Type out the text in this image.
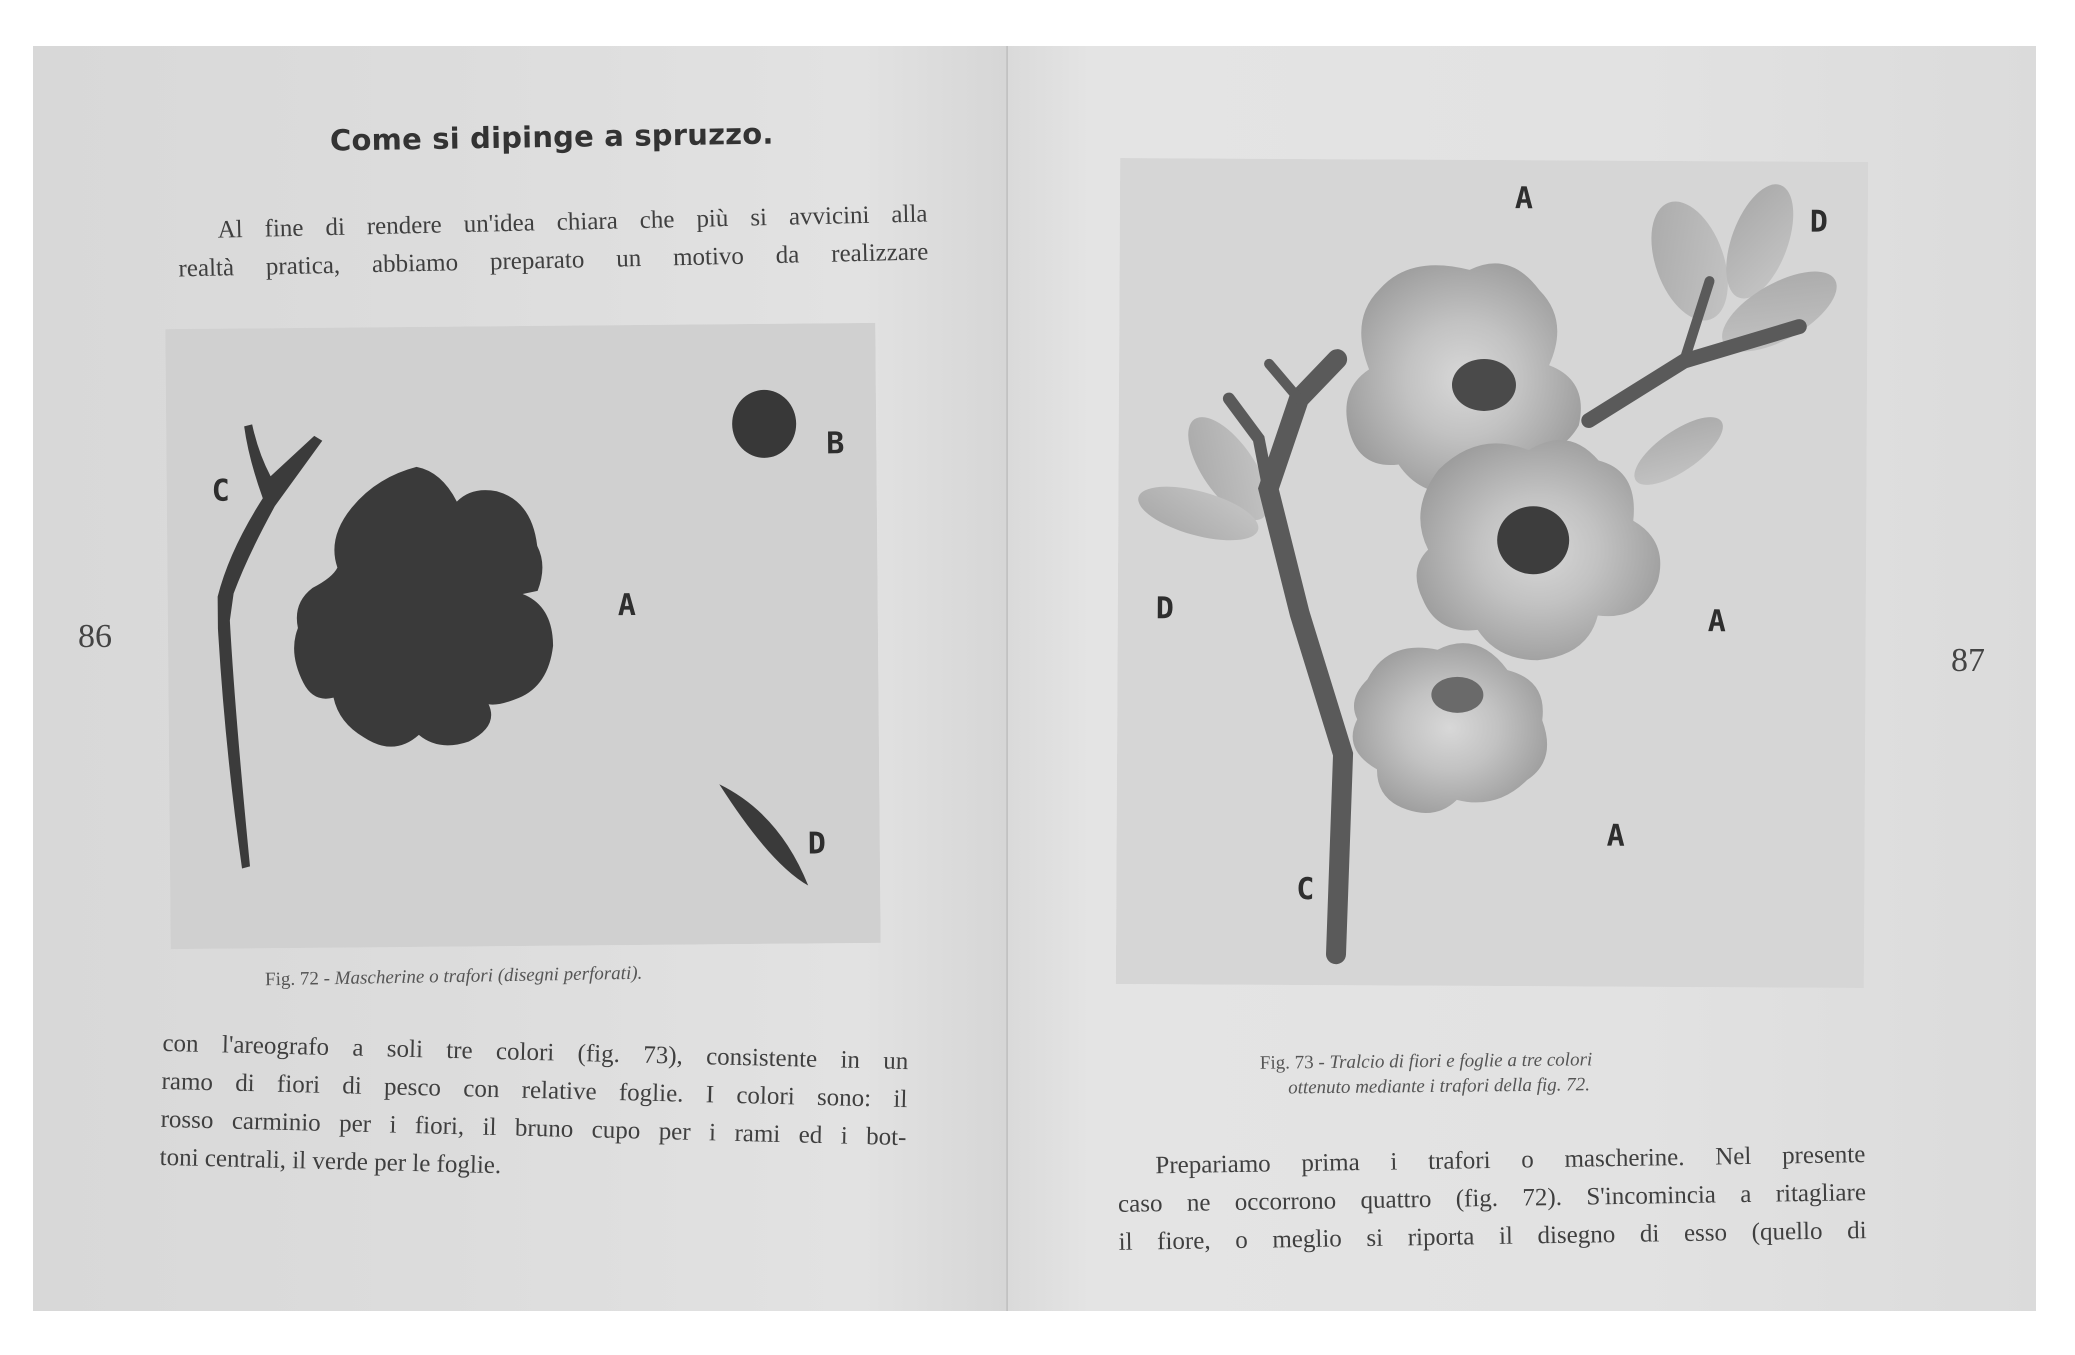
Come si dipinge a spruzzo.
Al fine di rendere un'idea chiara che più si avvicini alla
realtà pratica, abbiamo preparato un motivo da realizzare
C
B
A
D
Fig. 72 - Mascherine o trafori (disegni perforati).
con l'areografo a soli tre colori (fig. 73), consistente in un
ramo di fiori di pesco con relative foglie. I colori sono: il
rosso carminio per i fiori, il bruno cupo per i rami ed i bot-
toni centrali, il verde per le foglie.
86
A
D
D	A
A
C
Fig. 73 - Tralcio di fiori e foglie a tre colori
ottenuto mediante i trafori della fig. 72.
Prepariamo prima i trafori o mascherine. Nel presente
caso ne occorrono quattro (fig. 72). S'incomincia a ritagliare
il fiore, o meglio si riporta il disegno di esso (quello di
87
